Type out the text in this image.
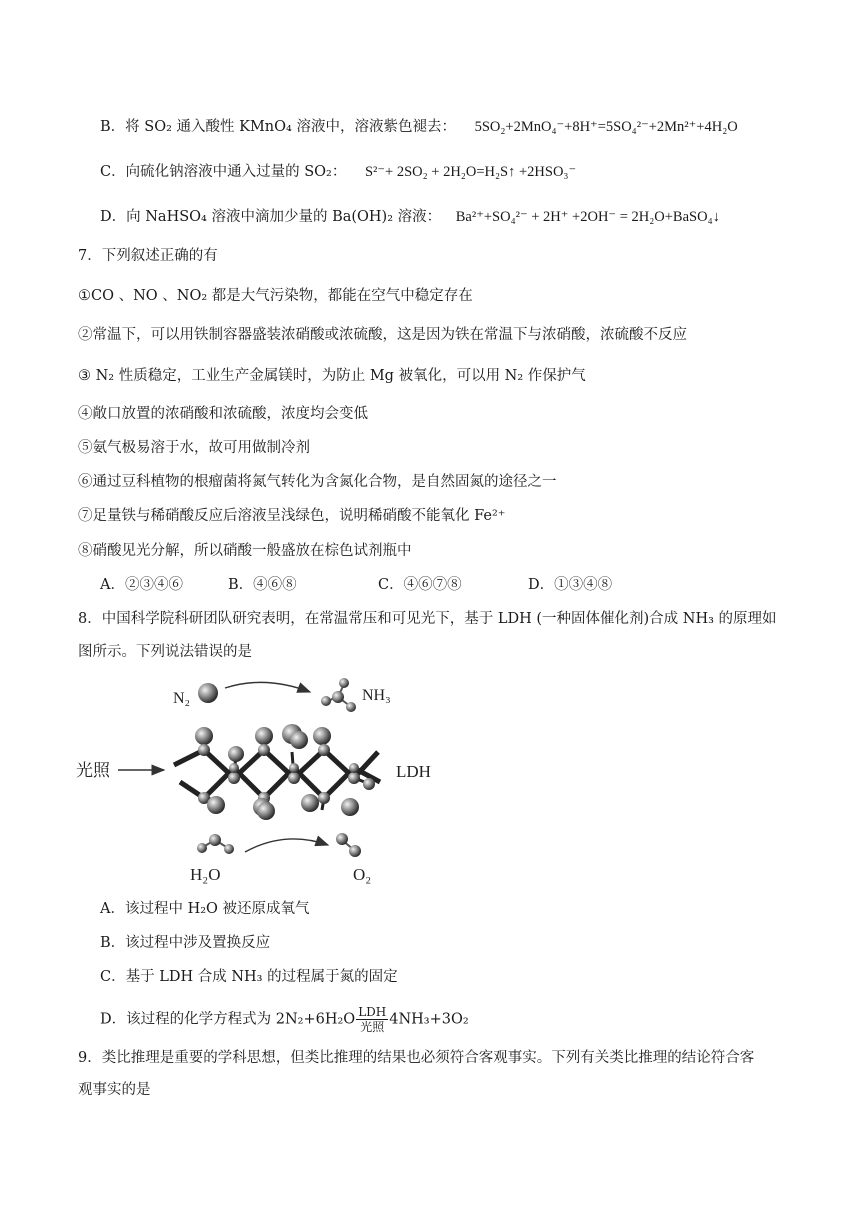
B．将 SO₂ 通入酸性 KMnO₄ 溶液中，溶液紫色褪去： 5SO₂+2MnO₄⁻+8H⁺=5SO₄²⁻+2Mn²⁺+4H₂O
C．向硫化钠溶液中通入过量的 SO₂： S²⁻+ 2SO₂ + 2H₂O=H₂S↑ +2HSO₃⁻
D．向 NaHSO₄ 溶液中滴加少量的 Ba(OH)₂ 溶液： Ba²⁺+SO₄²⁻ + 2H⁺ +2OH⁻ = 2H₂O+BaSO₄↓
7．下列叙述正确的有
①CO 、NO 、NO₂ 都是大气污染物，都能在空气中稳定存在
②常温下，可以用铁制容器盛装浓硝酸或浓硫酸，这是因为铁在常温下与浓硝酸，浓硫酸不反应
③ N₂ 性质稳定，工业生产金属镁时，为防止 Mg 被氧化，可以用 N₂ 作保护气
④敞口放置的浓硝酸和浓硫酸，浓度均会变低
⑤氨气极易溶于水，故可用做制冷剂
⑥通过豆科植物的根瘤菌将氮气转化为含氮化合物，是自然固氮的途径之一
⑦足量铁与稀硝酸反应后溶液呈浅绿色，说明稀硝酸不能氧化 Fe²⁺
⑧硝酸见光分解，所以硝酸一般盛放在棕色试剂瓶中
A．②③④⑥	B．④⑥⑧	C．④⑥⑦⑧	D．①③④⑧
8．中国科学院科研团队研究表明，在常温常压和可见光下，基于 LDH (一种固体催化剂)合成 NH₃ 的原理如
图所示。下列说法错误的是
N₂	NH₃
光照	LDH
H₂O	O₂
A．该过程中 H₂O 被还原成氧气
B．该过程中涉及置换反应
C．基于 LDH 合成 NH₃ 的过程属于氮的固定
D．该过程的化学方程式为 $2N_2+6H_2O \frac{\text{LDH}}{\text{光照}} 4NH_3+3O_2$
9．类比推理是重要的学科思想，但类比推理的结果也必须符合客观事实。下列有关类比推理的结论符合客
观事实的是
